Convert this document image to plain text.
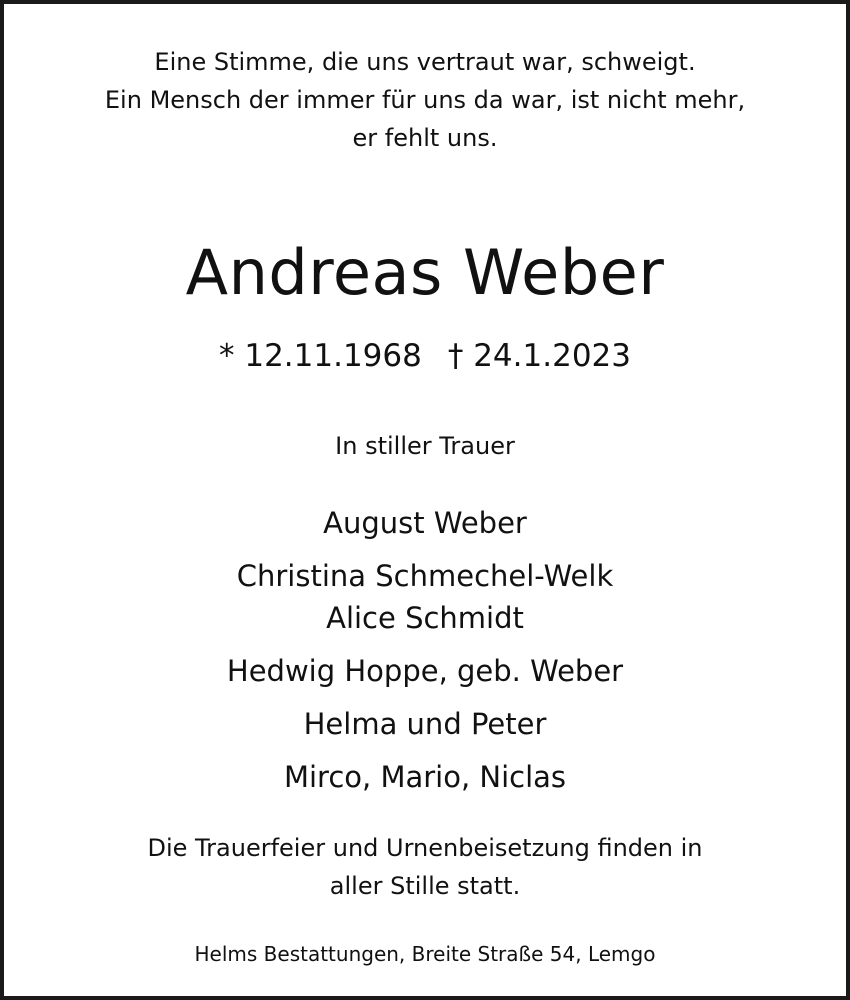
Eine Stimme, die uns vertraut war, schweigt.
Ein Mensch der immer für uns da war, ist nicht mehr,
er fehlt uns.
Andreas Weber
* 12.11.1968 † 24.1.2023
In stiller Trauer
August Weber
Christina Schmechel-Welk
Alice Schmidt
Hedwig Hoppe, geb. Weber
Helma und Peter
Mirco, Mario, Niclas
Die Trauerfeier und Urnenbeisetzung finden in
aller Stille statt.
Helms Bestattungen, Breite Straße 54, Lemgo
